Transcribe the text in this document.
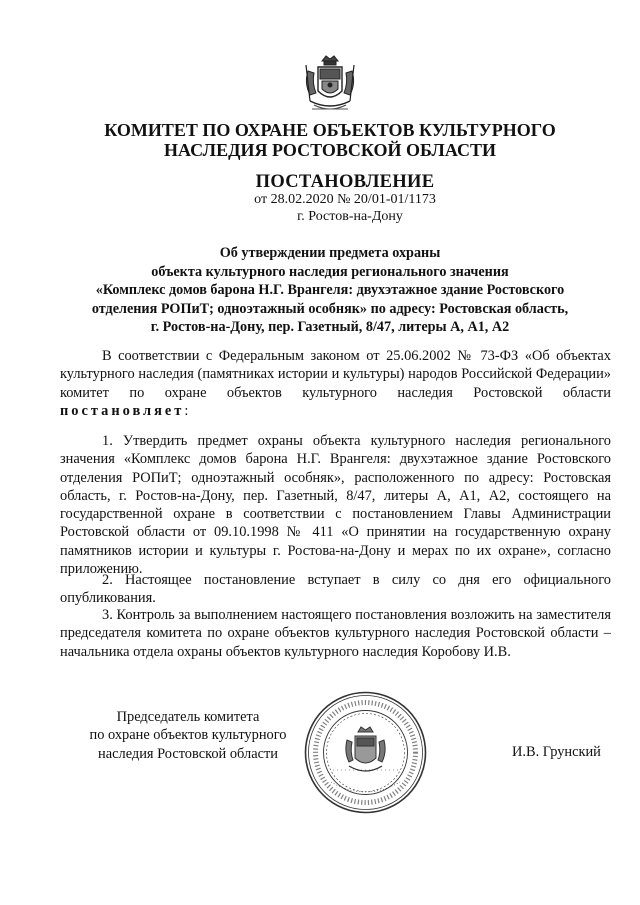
КОМИТЕТ ПО ОХРАНЕ ОБЪЕКТОВ КУЛЬТУРНОГО
НАСЛЕДИЯ РОСТОВСКОЙ ОБЛАСТИ
ПОСТАНОВЛЕНИЕ
от 28.02.2020 № 20/01-01/1173
г. Ростов-на-Дону
Об утверждении предмета охраны
объекта культурного наследия регионального значения
«Комплекс домов барона Н.Г. Врангеля: двухэтажное здание Ростовского
отделения РОПиТ; одноэтажный особняк» по адресу: Ростовская область,
г. Ростов-на-Дону, пер. Газетный, 8/47, литеры А, А1, А2
В соответствии с Федеральным законом от 25.06.2002 № 73-ФЗ «Об объектах культурного наследия (памятниках истории и культуры) народов Российской Федерации» комитет по охране объектов культурного наследия Ростовской области постановляет:
1. Утвердить предмет охраны объекта культурного наследия регионального значения «Комплекс домов барона Н.Г. Врангеля: двухэтажное здание Ростовского отделения РОПиТ; одноэтажный особняк», расположенного по адресу: Ростовская область, г. Ростов-на-Дону, пер. Газетный, 8/47, литеры А, А1, А2, состоящего на государственной охране в соответствии с постановлением Главы Администрации Ростовской области от 09.10.1998 № 411 «О принятии на государственную охрану памятников истории и культуры г. Ростова-на-Дону и мерах по их охране», согласно приложению.
2. Настоящее постановление вступает в силу со дня его официального опубликования.
3. Контроль за выполнением настоящего постановления возложить на заместителя председателя комитета по охране объектов культурного наследия Ростовской области – начальника отдела охраны объектов культурного наследия Коробову И.В.
Председатель комитета
по охране объектов культурного
наследия Ростовской области	И.В. Грунский
